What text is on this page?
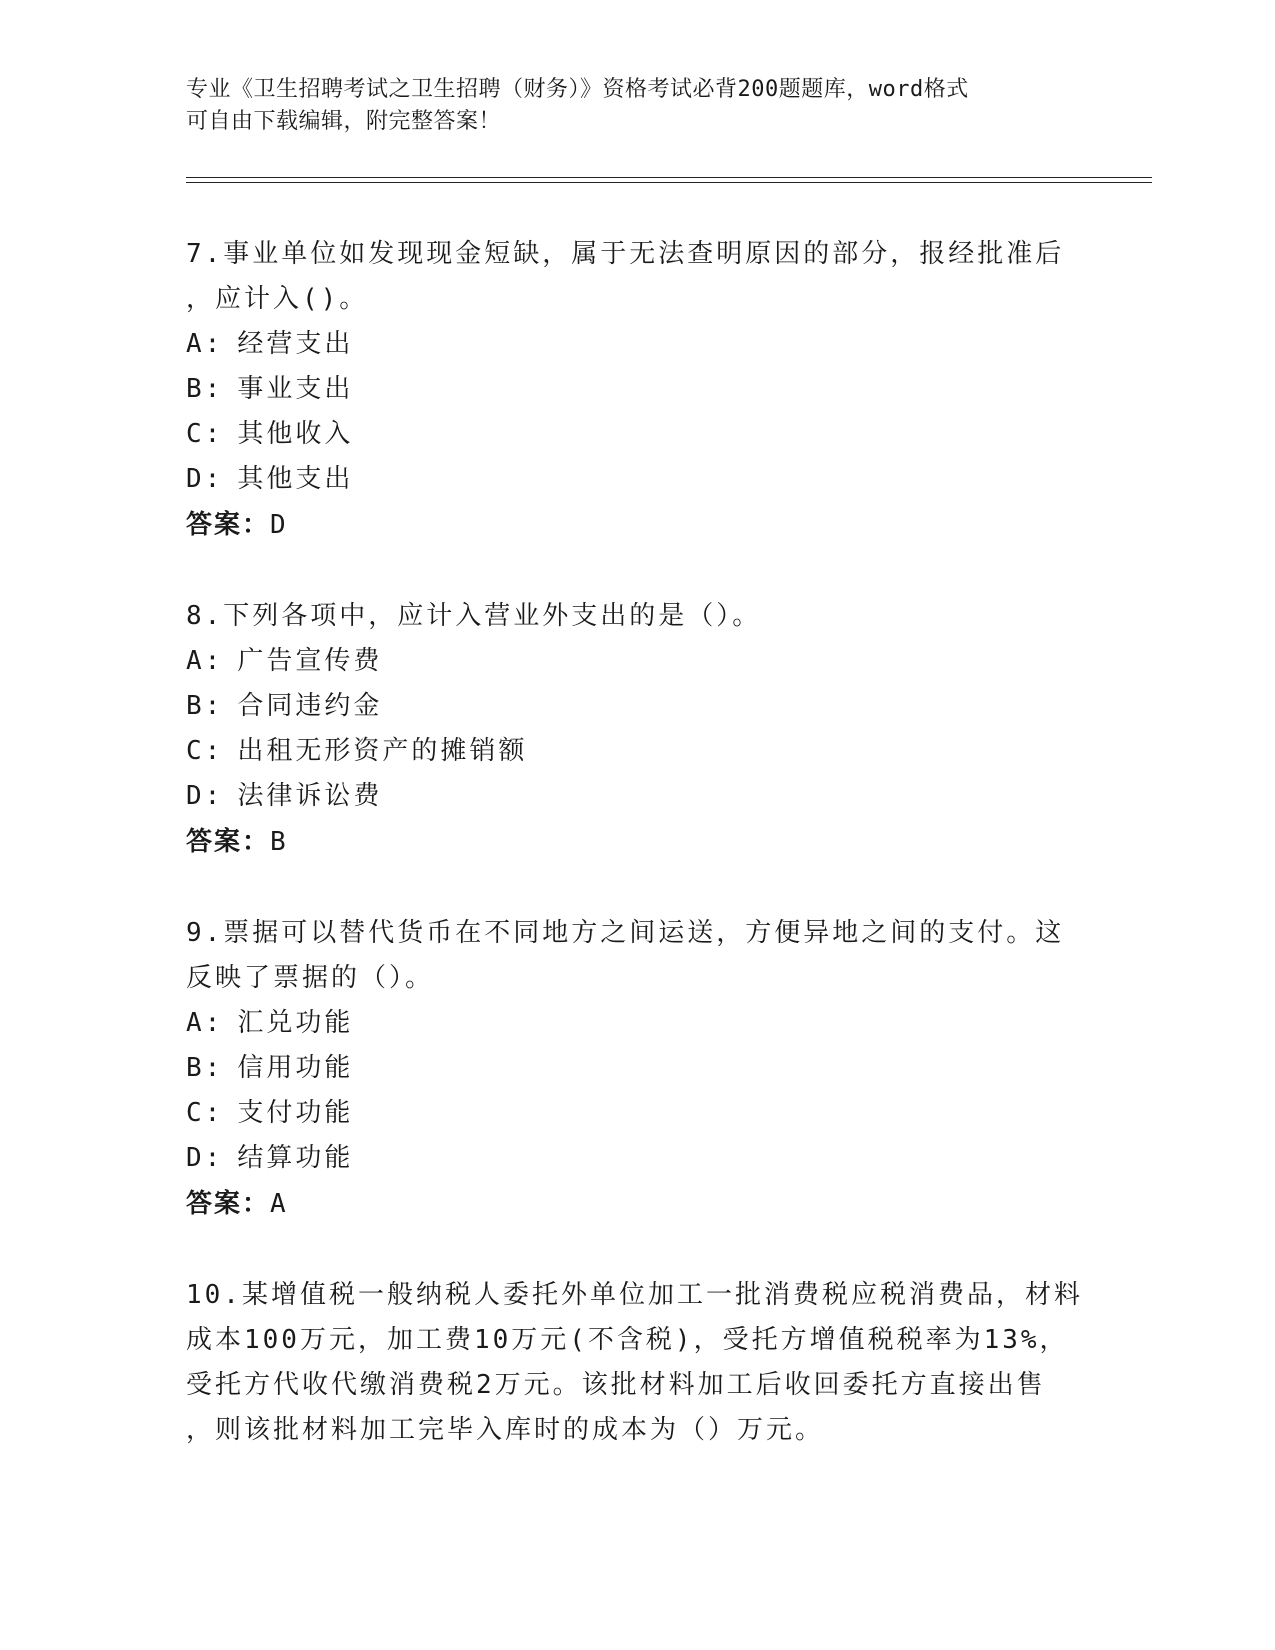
专业《卫生招聘考试之卫生招聘（财务）》资格考试必背200题题库，word格式
可自由下载编辑，附完整答案！
7.事业单位如发现现金短缺，属于无法查明原因的部分，报经批准后
，应计入()。
A: 经营支出
B: 事业支出
C: 其他收入
D: 其他支出
答案：D
8.下列各项中，应计入营业外支出的是（）。
A: 广告宣传费
B: 合同违约金
C: 出租无形资产的摊销额
D: 法律诉讼费
答案：B
9.票据可以替代货币在不同地方之间运送，方便异地之间的支付。这
反映了票据的（）。
A: 汇兑功能
B: 信用功能
C: 支付功能
D: 结算功能
答案：A
10.某增值税一般纳税人委托外单位加工一批消费税应税消费品，材料
成本100万元，加工费10万元(不含税)，受托方增值税税率为13%，
受托方代收代缴消费税2万元。该批材料加工后收回委托方直接出售
，则该批材料加工完毕入库时的成本为（）万元。
